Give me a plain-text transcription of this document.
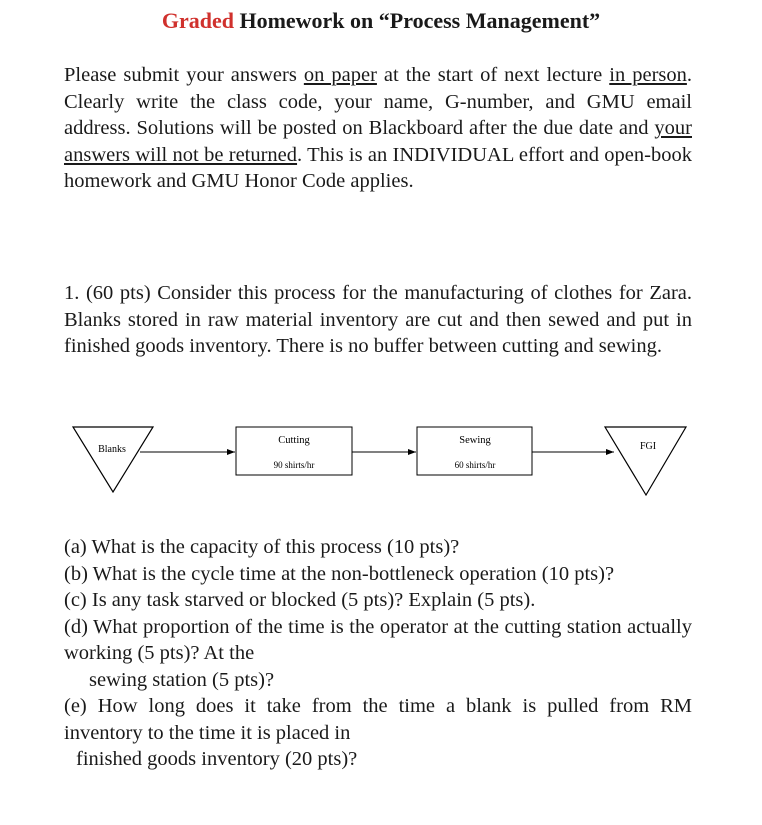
Graded Homework on “Process Management”
Please submit your answers on paper at the start of next lecture in person. Clearly write the class code, your name, G-number, and GMU email address. Solutions will be posted on Blackboard after the due date and your answers will not be returned. This is an INDIVIDUAL effort and open-book homework and GMU Honor Code applies.
1. (60 pts) Consider this process for the manufacturing of clothes for Zara. Blanks stored in raw material inventory are cut and then sewed and put in finished goods inventory. There is no buffer between cutting and sewing.
Blanks
Cutting
90 shirts/hr
Sewing
60 shirts/hr
FGI
(a) What is the capacity of this process (10 pts)?
(b) What is the cycle time at the non-bottleneck operation (10 pts)?
(c) Is any task starved or blocked (5 pts)? Explain (5 pts).
(d) What proportion of the time is the operator at the cutting station actually working (5 pts)? At the
sewing station (5 pts)?
(e) How long does it take from the time a blank is pulled from RM inventory to the time it is placed in
finished goods inventory (20 pts)?
